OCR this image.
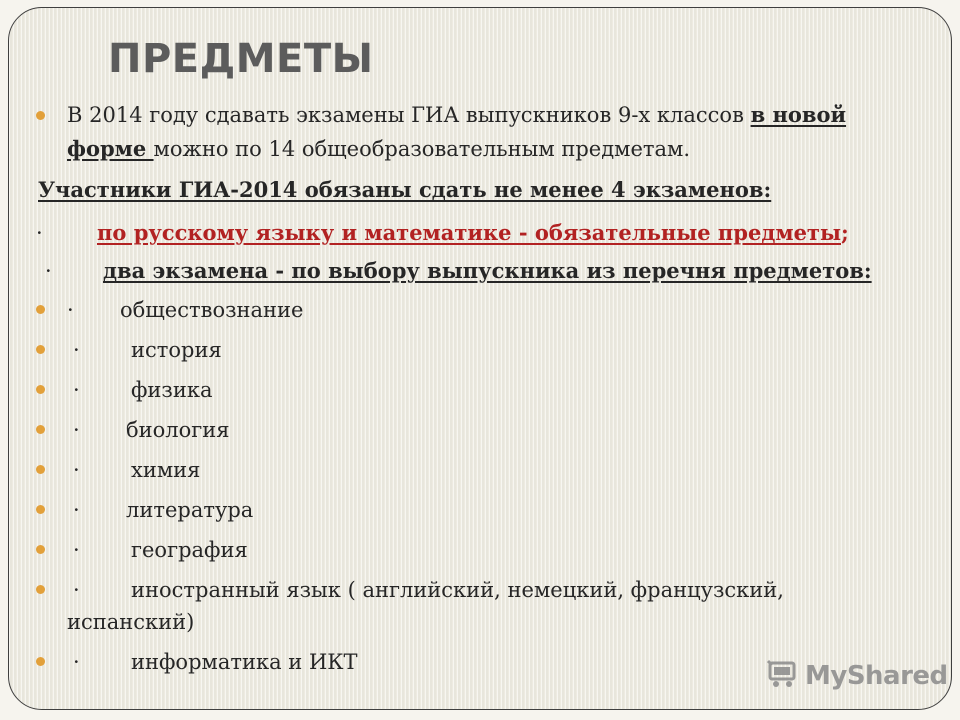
ПРЕДМЕТЫ
В 2014 году сдавать экзамены ГИА выпускников 9-х классов в новой
форме можно по 14 общеобразовательным предметам.
Участники ГИА-2014 обязаны сдать не менее 4 экзаменов:
·	по русскому языку и математике - обязательные предметы;
· два экзамена - по выбору выпускника из перечня предметов:
· обществознание
· история
· физика
· биология
· химия
· литература
· география
· иностранный язык ( английский, немецкий, французский,
испанский)
· информатика и ИКТ	MyShared
